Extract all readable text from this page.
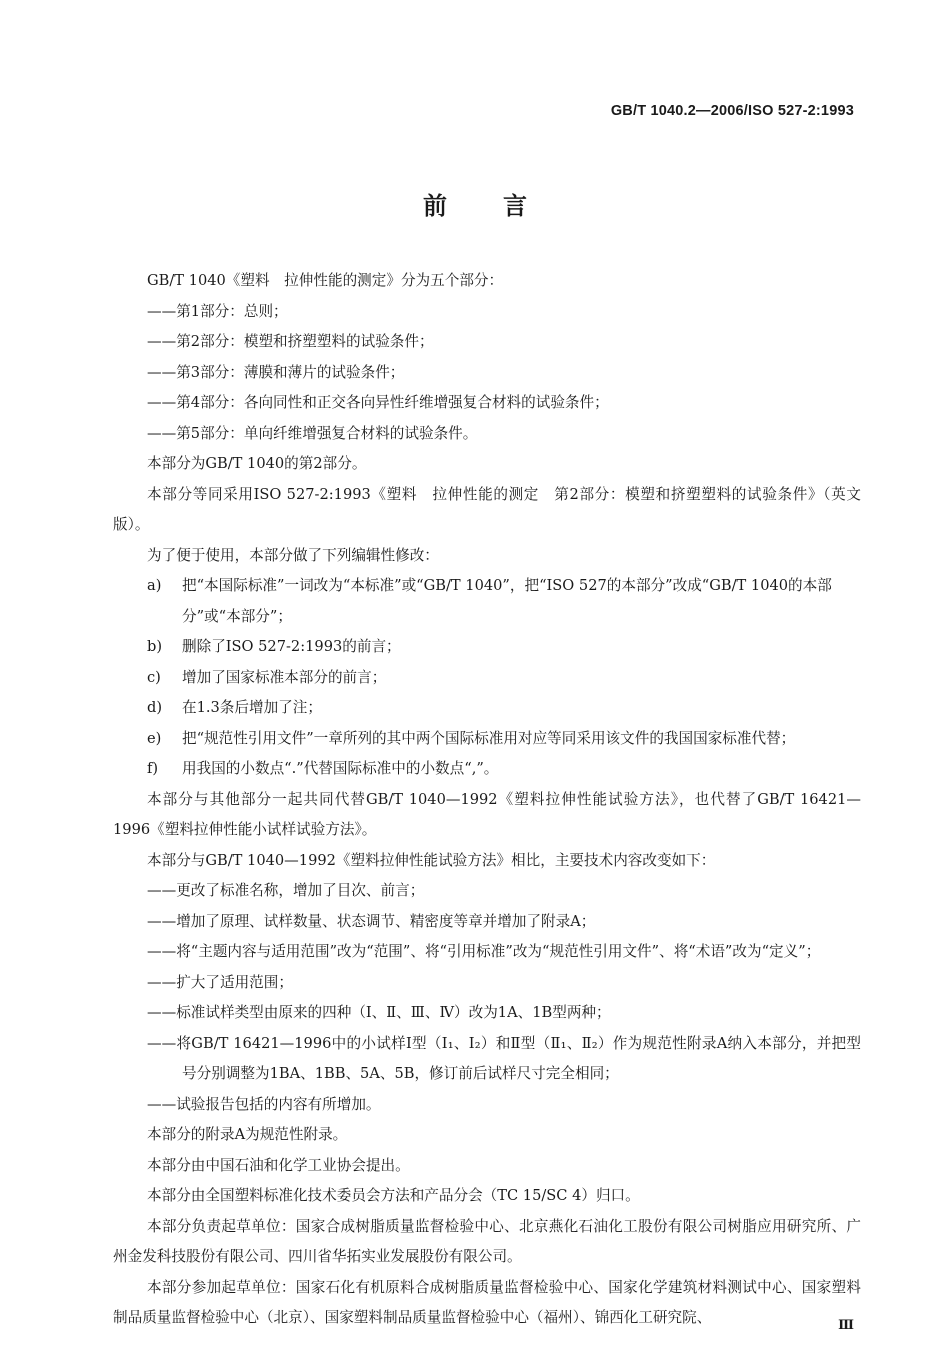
GB/T 1040.2—2006/ISO 527-2:1993
前言

GB/T 1040《塑料　拉伸性能的测定》分为五个部分：

——第1部分：总则；

——第2部分：模塑和挤塑塑料的试验条件；

——第3部分：薄膜和薄片的试验条件；

——第4部分：各向同性和正交各向异性纤维增强复合材料的试验条件；

——第5部分：单向纤维增强复合材料的试验条件。

本部分为GB/T 1040的第2部分。

本部分等同采用ISO 527-2:1993《塑料　拉伸性能的测定　第2部分：模塑和挤塑塑料的试验条件》（英文版）。

为了便于使用，本部分做了下列编辑性修改：

a)	把“本国际标准”一词改为“本标准”或“GB/T 1040”，把“ISO 527的本部分”改成“GB/T 1040的本部分”或“本部分”；
b)	删除了ISO 527-2:1993的前言；
c)	增加了国家标准本部分的前言；
d)	在1.3条后增加了注；
e)	把“规范性引用文件”一章所列的其中两个国际标准用对应等同采用该文件的我国国家标准代替；
f)	用我国的小数点“.”代替国际标准中的小数点“,”。

本部分与其他部分一起共同代替GB/T 1040—1992《塑料拉伸性能试验方法》，也代替了GB/T 16421—1996《塑料拉伸性能小试样试验方法》。

本部分与GB/T 1040—1992《塑料拉伸性能试验方法》相比，主要技术内容改变如下：

——更改了标准名称，增加了目次、前言；

——增加了原理、试样数量、状态调节、精密度等章并增加了附录A；

——将“主题内容与适用范围”改为“范围”、将“引用标准”改为“规范性引用文件”、将“术语”改为“定义”；

——扩大了适用范围；

——标准试样类型由原来的四种（Ⅰ、Ⅱ、Ⅲ、Ⅳ）改为1A、1B型两种；

——将GB/T 16421—1996中的小试样Ⅰ型（Ⅰ₁、Ⅰ₂）和Ⅱ型（Ⅱ₁、Ⅱ₂）作为规范性附录A纳入本部分，并把型号分别调整为1BA、1BB、5A、5B，修订前后试样尺寸完全相同；

——试验报告包括的内容有所增加。

本部分的附录A为规范性附录。

本部分由中国石油和化学工业协会提出。

本部分由全国塑料标准化技术委员会方法和产品分会（TC 15/SC 4）归口。

本部分负责起草单位：国家合成树脂质量监督检验中心、北京燕化石油化工股份有限公司树脂应用研究所、广州金发科技股份有限公司、四川省华拓实业发展股份有限公司。

本部分参加起草单位：国家石化有机原料合成树脂质量监督检验中心、国家化学建筑材料测试中心、国家塑料制品质量监督检验中心（北京）、国家塑料制品质量监督检验中心（福州）、锦西化工研究院、	Ⅲ
